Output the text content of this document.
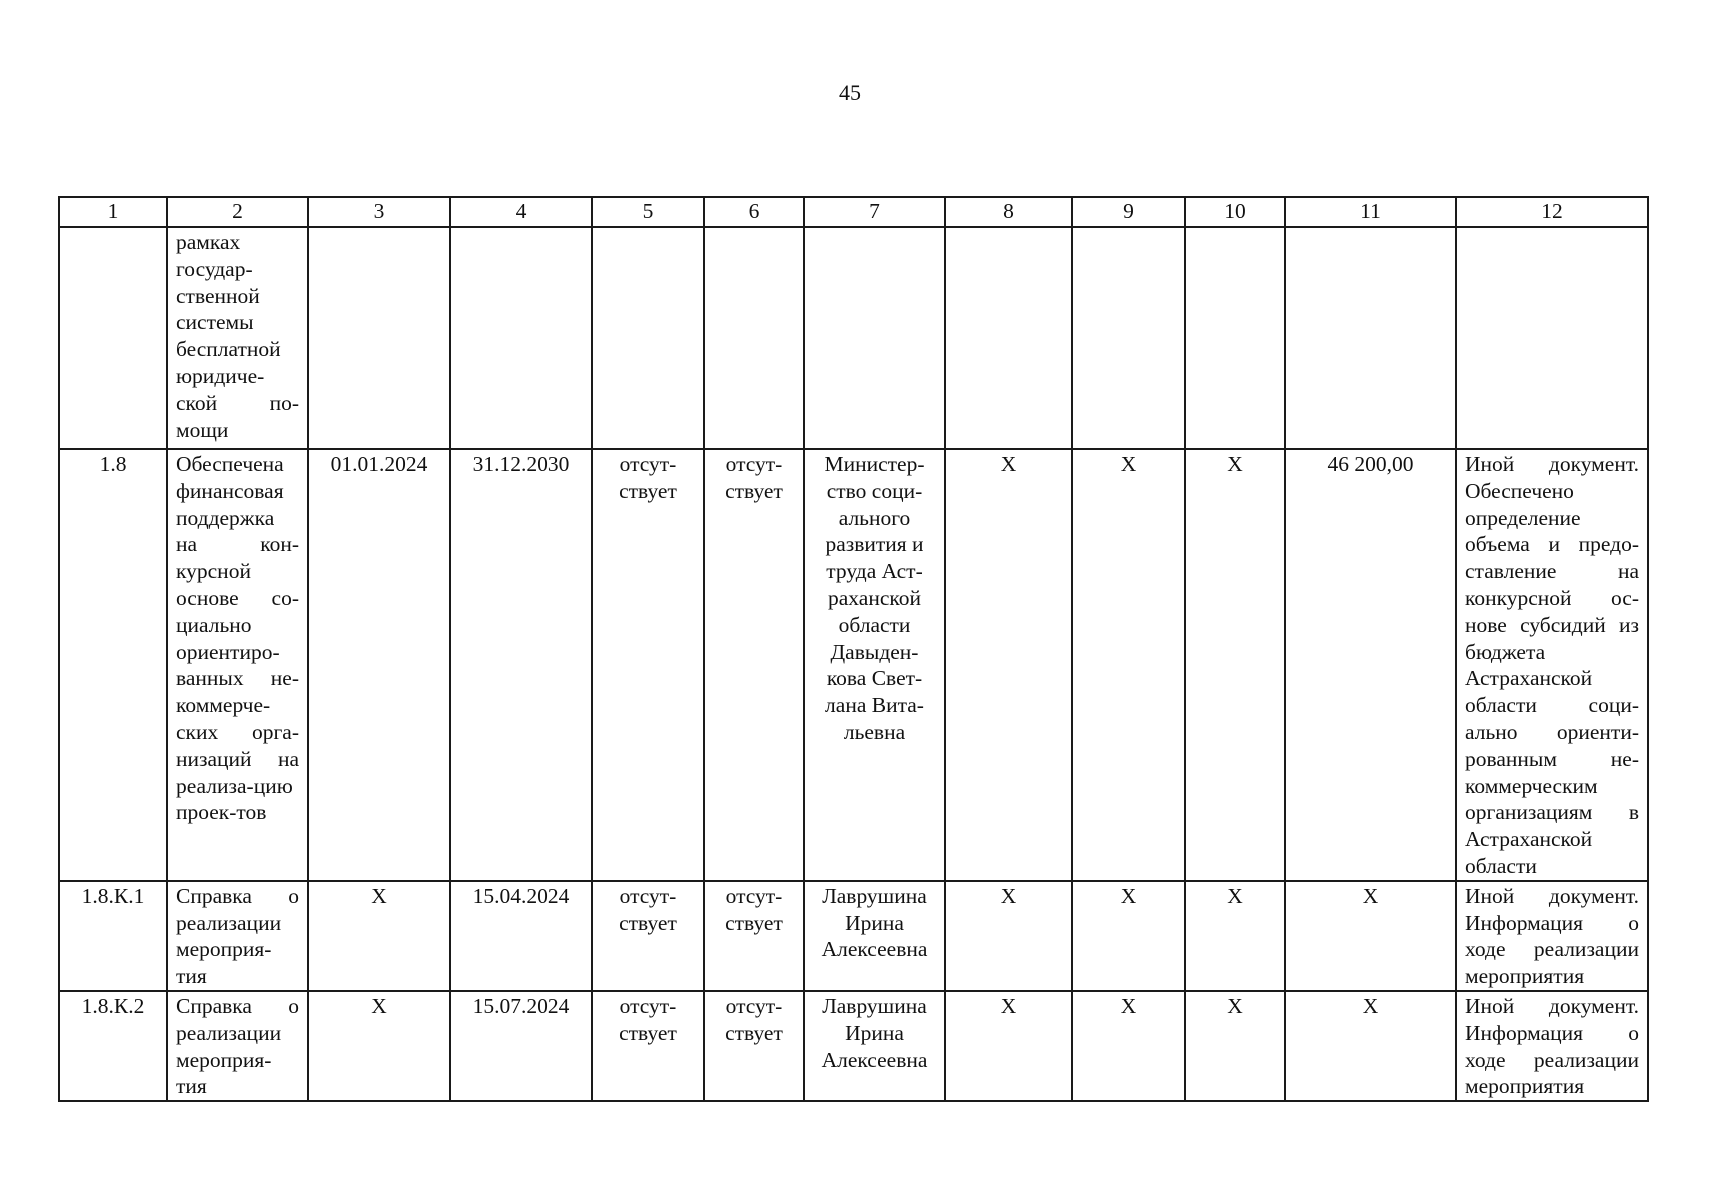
45
1	2	3	4	5	6	7	8	9	10	11	12
	рамках государ-ственной системы бесплатной юридиче-ской по-мощи										
1.8	Обеспечена финансовая поддержка на кон-курсной основе со-циально ориентиро-ванных не-коммерче-ских орга-низаций на реализа-цию проек-тов	01.01.2024	31.12.2030	отсут-ствует	отсут-ствует	Министер-ство соци-ального развития и труда Аст-раханской области Давыден-кова Свет-лана Вита-льевна	Х	Х	Х	46 200,00	Иной документ. Обеспечено определение объема и предо-ставление на конкурсной ос-нове субсидий из бюджета Астраханской области соци-ально ориенти-рованным не-коммерческим организациям в Астраханской области
1.8.К.1	Справка о реализации мероприя-тия	Х	15.04.2024	отсут-ствует	отсут-ствует	Лаврушина Ирина Алексеевна	Х	Х	Х	Х	Иной документ. Информация о ходе реализации мероприятия
1.8.К.2	Справка о реализации мероприя-тия	Х	15.07.2024	отсут-ствует	отсут-ствует	Лаврушина Ирина Алексеевна	Х	Х	Х	Х	Иной документ. Информация о ходе реализации мероприятия
